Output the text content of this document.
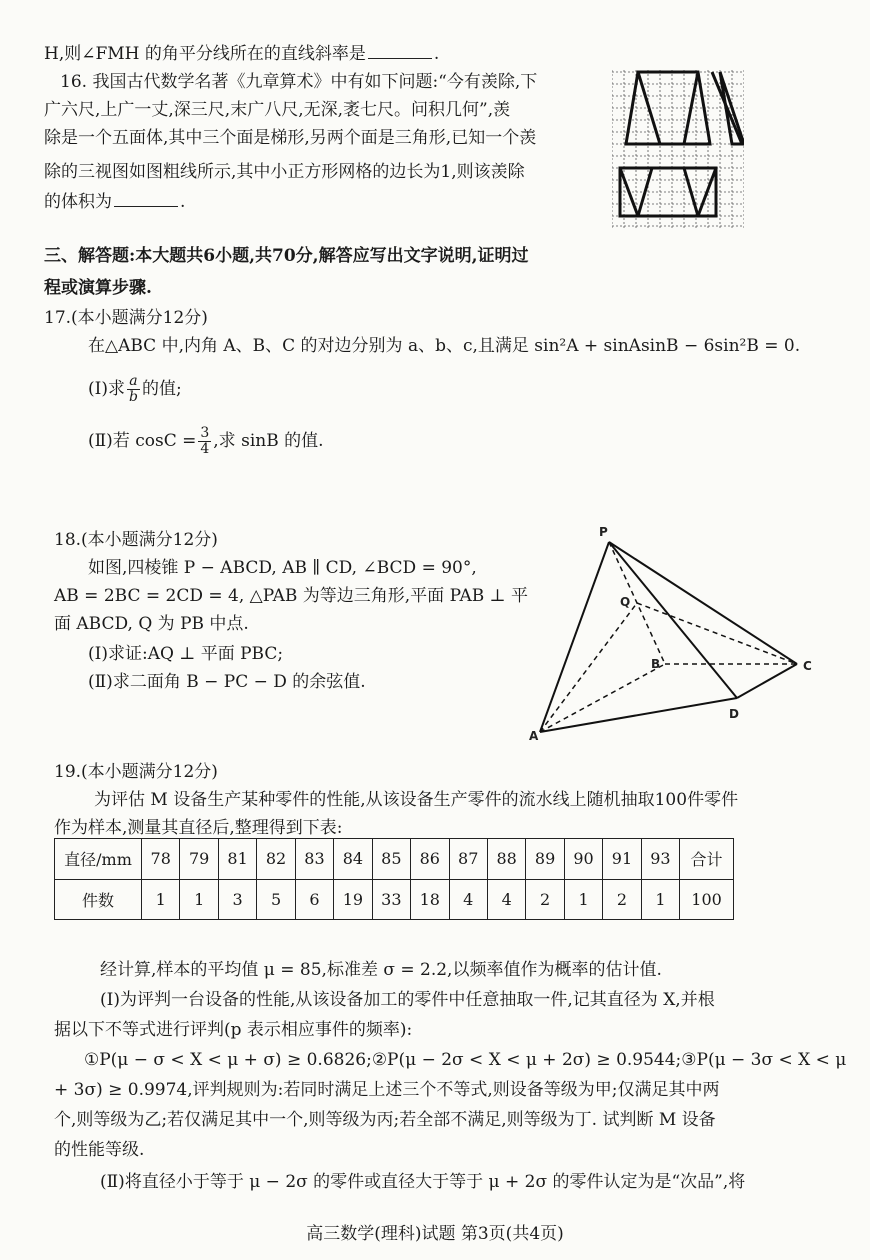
H,则∠FMH 的角平分线所在的直线斜率是	.
16. 我国古代数学名著《九章算术》中有如下问题:“今有羡除,下
广六尺,上广一丈,深三尺,末广八尺,无深,袤七尺。问积几何”,羡
除是一个五面体,其中三个面是梯形,另两个面是三角形,已知一个羡
除的三视图如图粗线所示,其中小正方形网格的边长为1,则该羡除
的体积为	.
三、解答题:本大题共6小题,共70分,解答应写出文字说明,证明过
程或演算步骤.
17.(本小题满分12分)
在△ABC 中,内角 A、B、C 的对边分别为 a、b、c,且满足 sin²A + sinAsinB − 6sin²B = 0.
(Ⅰ)求 $\frac{a}{b}$ 的值;
(Ⅱ)若 $\cos C = \frac{3}{4}$ ,求 sinB 的值.
18.(本小题满分12分)
如图,四棱锥 P − ABCD, AB ∥ CD, ∠BCD = 90°,
AB = 2BC = 2CD = 4, △PAB 为等边三角形,平面 PAB ⊥ 平
面 ABCD, Q 为 PB 中点.
(Ⅰ)求证:AQ ⊥ 平面 PBC;
(Ⅱ)求二面角 B − PC − D 的余弦值.
P
Q
B	C
D
A
19.(本小题满分12分)
为评估 M 设备生产某种零件的性能,从该设备生产零件的流水线上随机抽取100件零件
作为样本,测量其直径后,整理得到下表:
直径/mm	78	79	81	82	83	84	85	86	87	88	89	90	91	93	合计
件数	1	1	3	5	6	19	33	18	4	4	2	1	2	1	100
经计算,样本的平均值 μ = 85,标准差 σ = 2.2,以频率值作为概率的估计值.
(Ⅰ)为评判一台设备的性能,从该设备加工的零件中任意抽取一件,记其直径为 X,并根
据以下不等式进行评判(p 表示相应事件的频率):
①P(μ − σ < X < μ + σ) ≥ 0.6826;②P(μ − 2σ < X < μ + 2σ) ≥ 0.9544;③P(μ − 3σ < X < μ
+ 3σ) ≥ 0.9974,评判规则为:若同时满足上述三个不等式,则设备等级为甲;仅满足其中两
个,则等级为乙;若仅满足其中一个,则等级为丙;若全部不满足,则等级为丁. 试判断 M 设备
的性能等级.
(Ⅱ)将直径小于等于 μ − 2σ 的零件或直径大于等于 μ + 2σ 的零件认定为是“次品”,将
高三数学(理科)试题 第3页(共4页)
